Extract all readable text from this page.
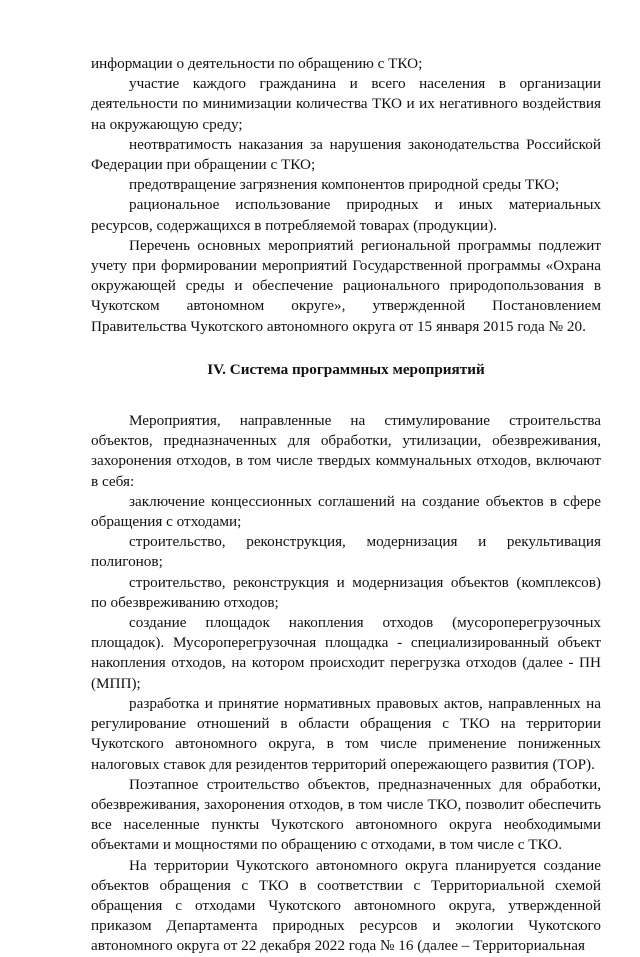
информации о деятельности по обращению с ТКО;

участие каждого гражданина и всего населения в организации деятельности по минимизации количества ТКО и их негативного воздействия на окружающую среду;

неотвратимость наказания за нарушения законодательства Российской Федерации при обращении с ТКО;

предотвращение загрязнения компонентов природной среды ТКО;

рациональное использование природных и иных материальных ресурсов, содержащихся в потребляемой товарах (продукции).

Перечень основных мероприятий региональной программы подлежит учету при формировании мероприятий Государственной программы «Охрана окружающей среды и обеспечение рационального природопользования в Чукотском автономном округе», утвержденной Постановлением Правительства Чукотского автономного округа от 15 января 2015 года № 20.

IV. Система программных мероприятий

Мероприятия, направленные на стимулирование строительства объектов, предназначенных для обработки, утилизации, обезвреживания, захоронения отходов, в том числе твердых коммунальных отходов, включают в себя:

заключение концессионных соглашений на создание объектов в сфере обращения с отходами;

строительство, реконструкция, модернизация и рекультивация полигонов;

строительство, реконструкция и модернизация объектов (комплексов) по обезвреживанию отходов;

создание площадок накопления отходов (мусороперегрузочных площадок). Мусороперегрузочная площадка - специализированный объект накопления отходов, на котором происходит перегрузка отходов (далее - ПН (МПП);

разработка и принятие нормативных правовых актов, направленных на регулирование отношений в области обращения с ТКО на территории Чукотского автономного округа, в том числе применение пониженных налоговых ставок для резидентов территорий опережающего развития (ТОР).

Поэтапное строительство объектов, предназначенных для обработки, обезвреживания, захоронения отходов, в том числе ТКО, позволит обеспечить все населенные пункты Чукотского автономного округа необходимыми объектами и мощностями по обращению с отходами, в том числе с ТКО.

На территории Чукотского автономного округа планируется создание объектов обращения с ТКО в соответствии с Территориальной схемой обращения с отходами Чукотского автономного округа, утвержденной приказом Департамента природных ресурсов и экологии Чукотского автономного округа от 22 декабря 2022 года № 16 (далее – Территориальная
